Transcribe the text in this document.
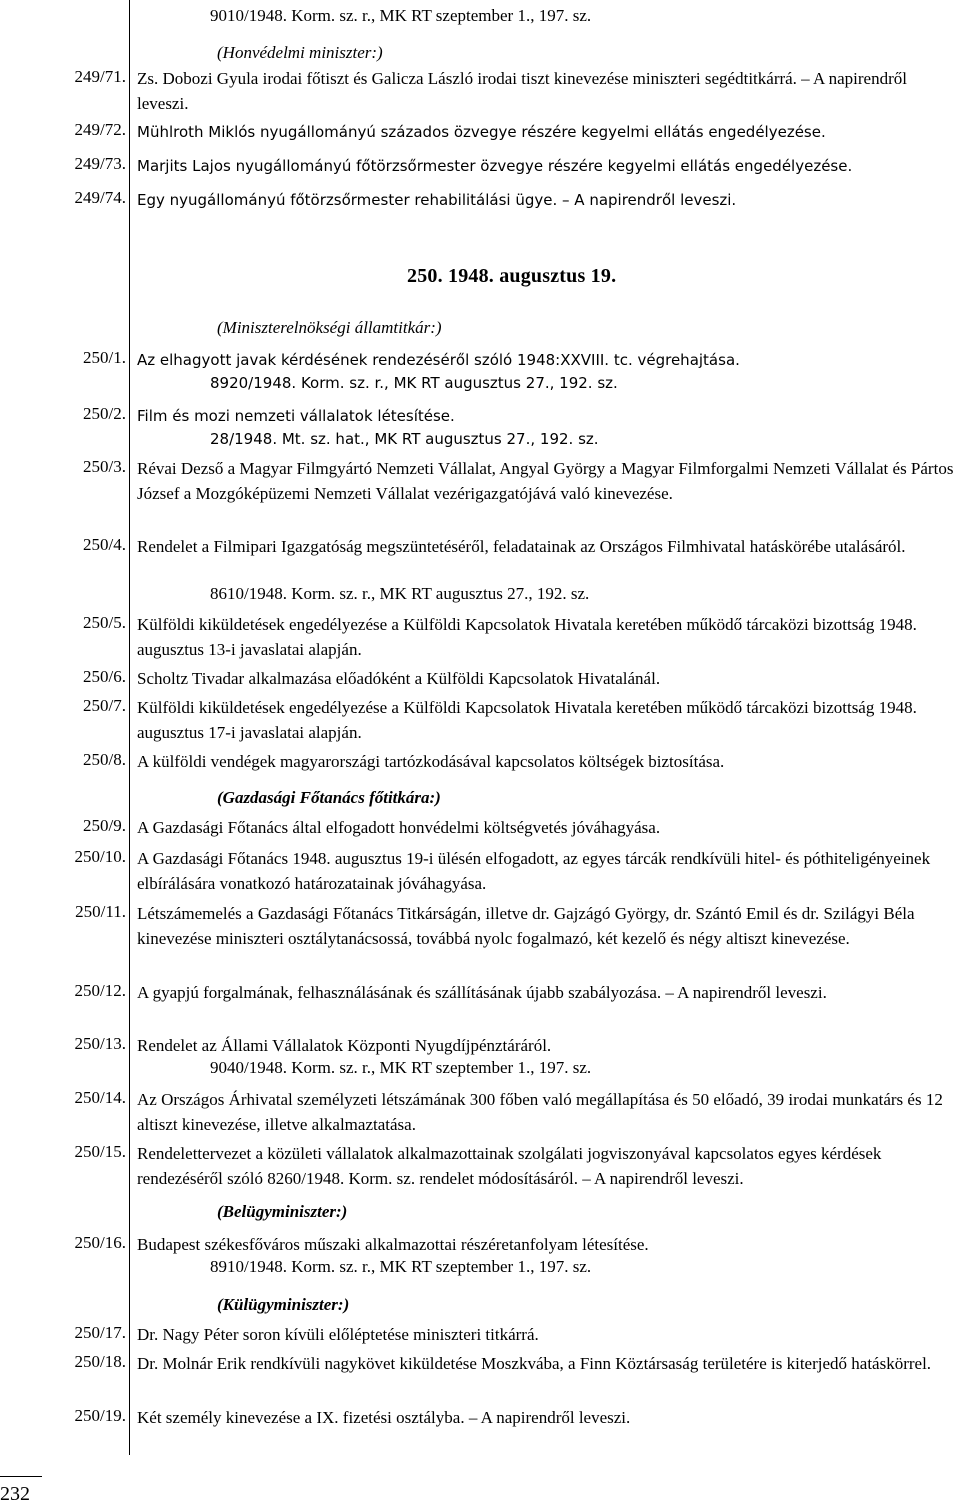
9010/1948. Korm. sz. r., MK RT szeptember 1., 197. sz.
(Honvédelmi miniszter:)
249/71. Zs. Dobozi Gyula irodai főtiszt és Galicza László irodai tiszt kinevezése miniszteri segédtitkárrá. – A napirendről leveszi.
249/72. Mühlroth Miklós nyugállományú százados özvegye részére kegyelmi ellátás engedélyezése.
249/73. Marjits Lajos nyugállományú főtörzsőrmester özvegye részére kegyelmi ellátás engedélyezése.
249/74. Egy nyugállományú főtörzsőrmester rehabilitálási ügye. – A napirendről leveszi.
250. 1948. augusztus 19.
(Miniszterelnökségi államtitkár:)
250/1. Az elhagyott javak kérdésének rendezéséről szóló 1948:XXVIII. tc. végrehajtása.
8920/1948. Korm. sz. r., MK RT augusztus 27., 192. sz.
250/2. Film és mozi nemzeti vállalatok létesítése.
28/1948. Mt. sz. hat., MK RT augusztus 27., 192. sz.
250/3. Révai Dezső a Magyar Filmgyártó Nemzeti Vállalat, Angyal György a Magyar Filmforgalmi Nemzeti Vállalat és Pártos József a Mozgóképüzemi Nemzeti Vállalat vezérigazgatójává való kinevezése.
250/4. Rendelet a Filmipari Igazgatóság megszüntetéséről, feladatainak az Országos Filmhivatal hatáskörébe utalásáról.
8610/1948. Korm. sz. r., MK RT augusztus 27., 192. sz.
250/5. Külföldi kiküldetések engedélyezése a Külföldi Kapcsolatok Hivatala keretében működő tárcaközi bizottság 1948. augusztus 13-i javaslatai alapján.
250/6. Scholtz Tivadar alkalmazása előadóként a Külföldi Kapcsolatok Hivatalánál.
250/7. Külföldi kiküldetések engedélyezése a Külföldi Kapcsolatok Hivatala keretében működő tárcaközi bizottság 1948. augusztus 17-i javaslatai alapján.
250/8. A külföldi vendégek magyarországi tartózkodásával kapcsolatos költségek biztosítása.
(Gazdasági Főtanács főtitkára:)
250/9. A Gazdasági Főtanács által elfogadott honvédelmi költségvetés jóváhagyása.
250/10. A Gazdasági Főtanács 1948. augusztus 19-i ülésén elfogadott, az egyes tárcák rendkívüli hitel- és póthiteligényeinek elbírálására vonatkozó határozatainak jóváhagyása.
250/11. Létszámemelés a Gazdasági Főtanács Titkárságán, illetve dr. Gajzágó György, dr. Szántó Emil és dr. Szilágyi Béla kinevezése miniszteri osztálytanácsossá, továbbá nyolc fogalmazó, két kezelő és négy altiszt kinevezése.
250/12. A gyapjú forgalmának, felhasználásának és szállításának újabb szabályozása. – A napirendről leveszi.
250/13. Rendelet az Állami Vállalatok Központi Nyugdíjpénztáráról.
9040/1948. Korm. sz. r., MK RT szeptember 1., 197. sz.
250/14. Az Országos Árhivatal személyzeti létszámának 300 főben való megállapítása és 50 előadó, 39 irodai munkatárs és 12 altiszt kinevezése, illetve alkalmaztatása.
250/15. Rendelettervezet a közületi vállalatok alkalmazottainak szolgálati jogviszonyával kapcsolatos egyes kérdések rendezéséről szóló 8260/1948. Korm. sz. rendelet módosításáról. – A napirendről leveszi.
(Belügyminiszter:)
250/16. Budapest székesfőváros műszaki alkalmazottai részéretanfolyam létesítése.
8910/1948. Korm. sz. r., MK RT szeptember 1., 197. sz.
(Külügyminiszter:)
250/17. Dr. Nagy Péter soron kívüli előléptetése miniszteri titkárrá.
250/18. Dr. Molnár Erik rendkívüli nagykövet kiküldetése Moszkvába, a Finn Köztársaság területére is kiterjedő hatáskörrel.
250/19. Két személy kinevezése a IX. fizetési osztályba. – A napirendről leveszi.
232
